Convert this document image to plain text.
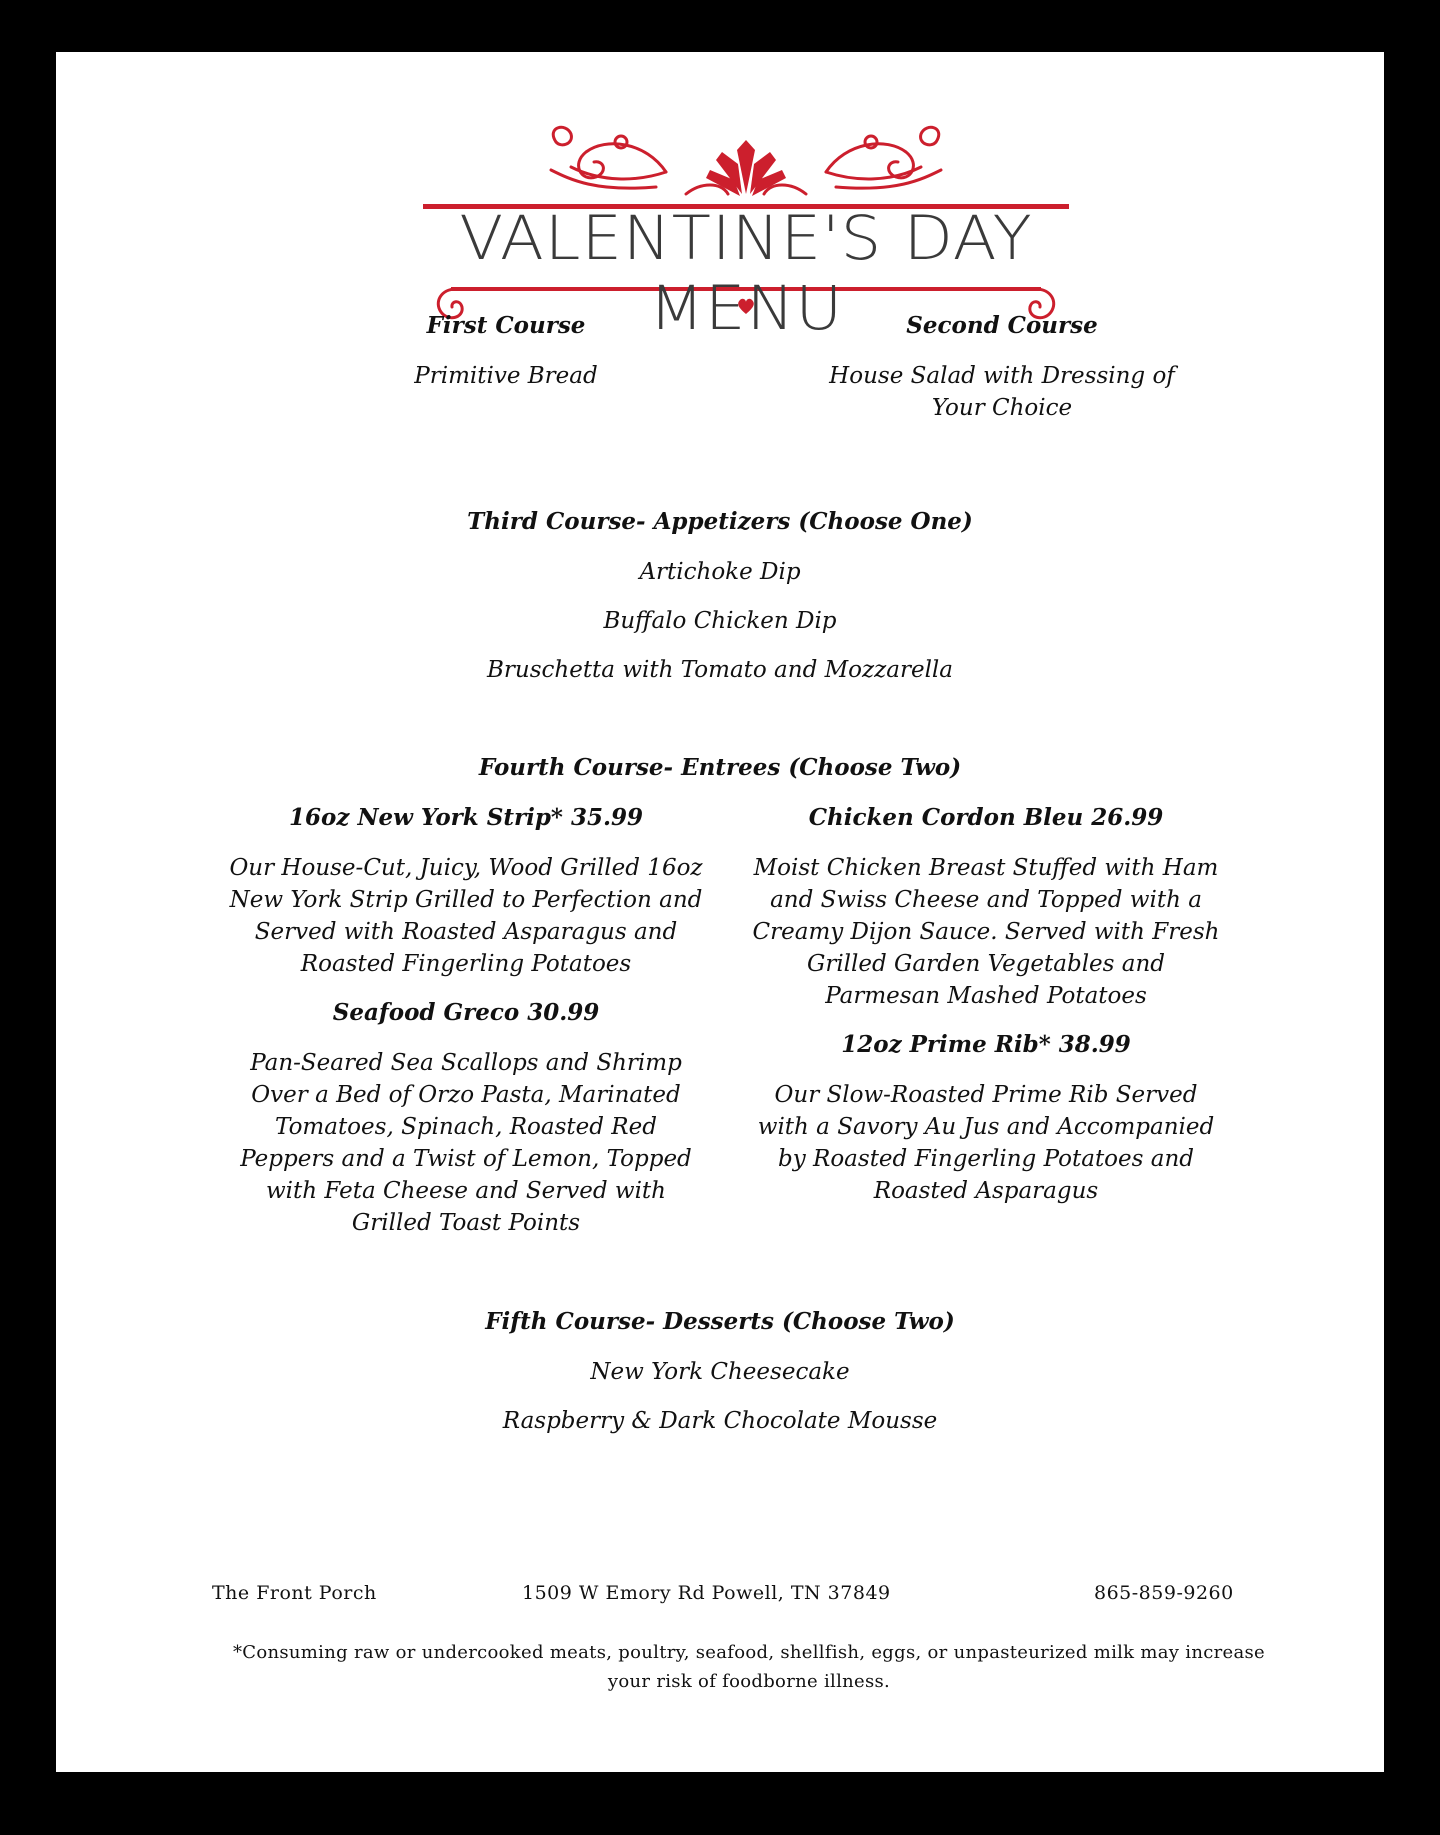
VALENTINE'S DAY MENU
First Course
Primitive Bread
Second Course
House Salad with Dressing of Your Choice
Third Course- Appetizers (Choose One)
Artichoke Dip
Buffalo Chicken Dip
Bruschetta with Tomato and Mozzarella
Fourth Course- Entrees (Choose Two)
16oz New York Strip* 35.99
Our House-Cut, Juicy, Wood Grilled 16oz New York Strip Grilled to Perfection and Served with Roasted Asparagus and Roasted Fingerling Potatoes
Seafood Greco 30.99
Pan-Seared Sea Scallops and Shrimp Over a Bed of Orzo Pasta, Marinated Tomatoes, Spinach, Roasted Red Peppers and a Twist of Lemon, Topped with Feta Cheese and Served with Grilled Toast Points
Chicken Cordon Bleu 26.99
Moist Chicken Breast Stuffed with Ham and Swiss Cheese and Topped with a Creamy Dijon Sauce. Served with Fresh Grilled Garden Vegetables and Parmesan Mashed Potatoes
12oz Prime Rib* 38.99
Our Slow-Roasted Prime Rib Served with a Savory Au Jus and Accompanied by Roasted Fingerling Potatoes and Roasted Asparagus
Fifth Course- Desserts (Choose Two)
New York Cheesecake
Raspberry & Dark Chocolate Mousse
The Front Porch	1509 W Emory Rd Powell, TN 37849	865-859-9260
*Consuming raw or undercooked meats, poultry, seafood, shellfish, eggs, or unpasteurized milk may increase your risk of foodborne illness.
